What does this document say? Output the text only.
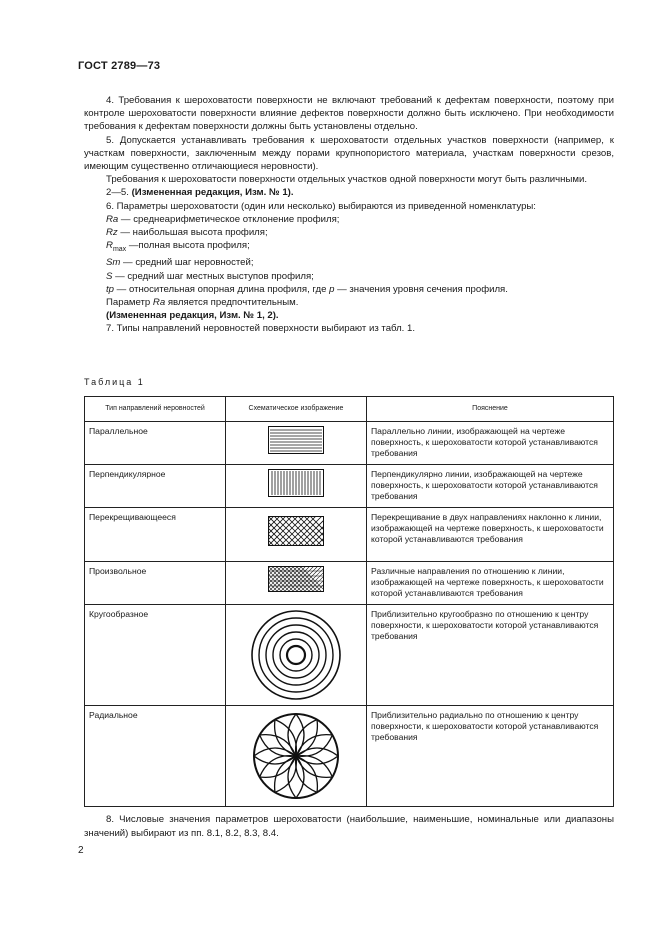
ГОСТ 2789—73

4. Требования к шероховатости поверхности не включают требований к дефектам поверхности, поэтому при контроле шероховатости поверхности влияние дефектов поверхности должно быть исключено. При необходимости требования к дефектам поверхности должны быть установлены отдельно.

5. Допускается устанавливать требования к шероховатости отдельных участков поверхности (например, к участкам поверхности, заключенным между порами крупнопористого материала, участкам поверхности срезов, имеющим существенно отличающиеся неровности).

Требования к шероховатости поверхности отдельных участков одной поверхности могут быть различными.

2—5. (Измененная редакция, Изм. № 1).

6. Параметры шероховатости (один или несколько) выбираются из приведенной номенклатуры:

Ra — среднеарифметическое отклонение профиля;

Rz — наибольшая высота профиля;

$R_{max}$ —полная высота профиля;

Sm — средний шаг неровностей;

S — средний шаг местных выступов профиля;

tp — относительная опорная длина профиля, где p — значения уровня сечения профиля.

Параметр Ra является предпочтительным.

(Измененная редакция, Изм. № 1, 2).

7. Типы направлений неровностей поверхности выбирают из табл. 1.

Таблица 1
Тип направлений неровностей	Схематическое изображение	Пояснение
Параллельное		Параллельно линии, изображающей на чертеже поверхность, к шероховатости которой устанавливаются требования
Перпендикулярное		Перпендикулярно линии, изображающей на чертеже поверхность, к шероховатости которой устанавливаются требования
Перекрещивающееся		Перекрещивание в двух направлениях наклонно к линии, изображающей на чертеже поверхность, к шероховатости которой устанавливаются требования
Произвольное		Различные направления по отношению к линии, изображающей на чертеже поверхность, к шероховатости которой устанавливаются требования
Кругообразное		Приблизительно кругообразно по отношению к центру поверхности, к шероховатости которой устанавливаются требования
Радиальное		Приблизительно радиально по отношению к центру поверхности, к шероховатости которой устанавливаются требования
8. Числовые значения параметров шероховатости (наибольшие, наименьшие, номинальные или диапазоны значений) выбирают из пп. 8.1, 8.2, 8.3, 8.4.
2
